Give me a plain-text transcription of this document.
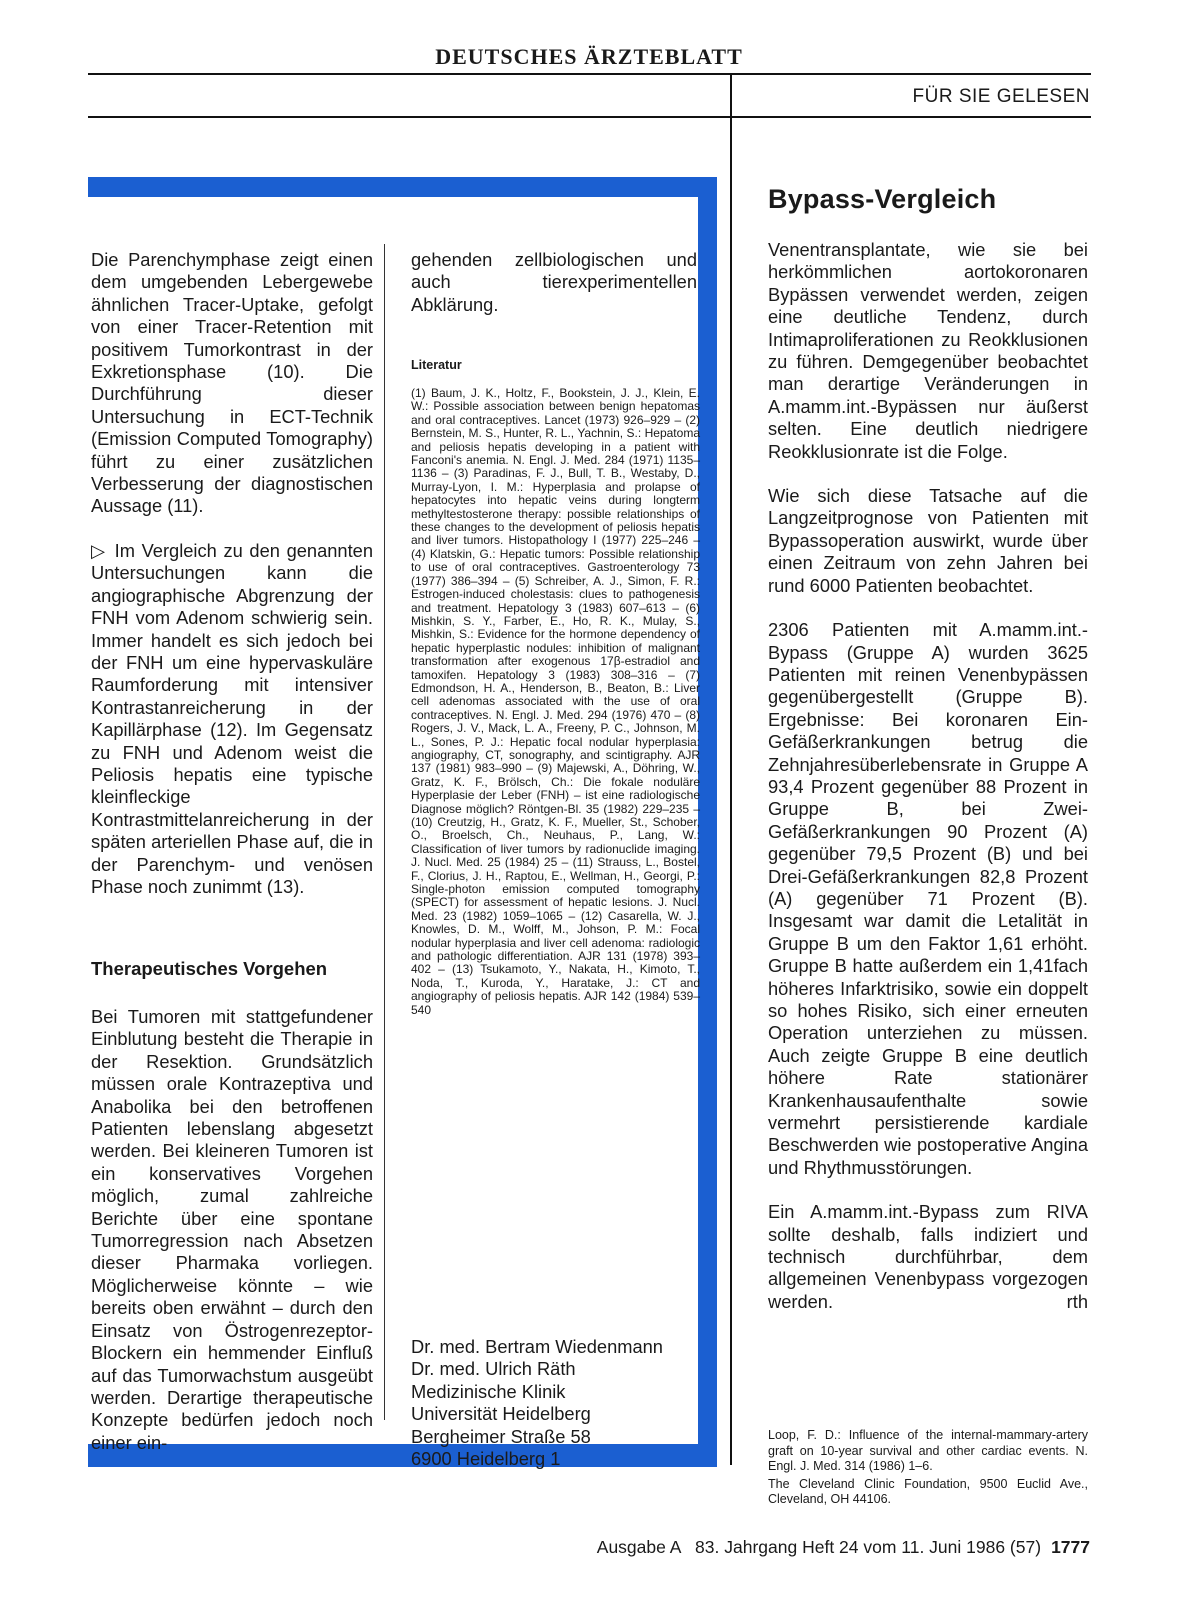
DEUTSCHES ÄRZTEBLATT
FÜR SIE GELESEN

Die Parenchymphase zeigt einen dem umgebenden Lebergewebe ähnlichen Tracer-Uptake, gefolgt von einer Tracer-Retention mit positivem Tumorkontrast in der Exkretionsphase (10). Die Durchführung dieser Untersuchung in ECT-Technik (Emission Computed Tomography) führt zu einer zusätzlichen Verbesserung der diagnostischen Aussage (11).

▷ Im Vergleich zu den genannten Untersuchungen kann die angiographische Abgrenzung der FNH vom Adenom schwierig sein. Immer handelt es sich jedoch bei der FNH um eine hypervaskuläre Raumforderung mit intensiver Kontrastanreicherung in der Kapillärphase (12). Im Gegensatz zu FNH und Adenom weist die Peliosis hepatis eine typische kleinfleckige Kontrastmittelanreicherung in der späten arteriellen Phase auf, die in der Parenchym- und venösen Phase noch zunimmt (13).

Therapeutisches Vorgehen

Bei Tumoren mit stattgefundener Einblutung besteht die Therapie in der Resektion. Grundsätzlich müssen orale Kontrazeptiva und Anabolika bei den betroffenen Patienten lebenslang abgesetzt werden. Bei kleineren Tumoren ist ein konservatives Vorgehen möglich, zumal zahlreiche Berichte über eine spontane Tumorregression nach Absetzen dieser Pharmaka vorliegen. Möglicherweise könnte – wie bereits oben erwähnt – durch den Einsatz von Östrogenrezeptor-Blockern ein hemmender Einfluß auf das Tumorwachstum ausgeübt werden. Derartige therapeutische Konzepte bedürfen jedoch noch einer ein-

gehenden zellbiologischen und auch tierexperimentellen Abklärung.

Literatur
(1) Baum, J. K., Holtz, F., Bookstein, J. J., Klein, E. W.: Possible association between benign hepatomas and oral contraceptives. Lancet (1973) 926–929 – (2) Bernstein, M. S., Hunter, R. L., Yachnin, S.: Hepatoma and peliosis hepatis developing in a patient with Fanconi's anemia. N. Engl. J. Med. 284 (1971) 1135–1136 – (3) Paradinas, F. J., Bull, T. B., Westaby, D., Murray-Lyon, I. M.: Hyperplasia and prolapse of hepatocytes into hepatic veins during longterm methyltestosterone therapy: possible relationships of these changes to the development of peliosis hepatis and liver tumors. Histopathology I (1977) 225–246 – (4) Klatskin, G.: Hepatic tumors: Possible relationship to use of oral contraceptives. Gastroenterology 73 (1977) 386–394 – (5) Schreiber, A. J., Simon, F. R.: Estrogen-induced cholestasis: clues to pathogenesis and treatment. Hepatology 3 (1983) 607–613 – (6) Mishkin, S. Y., Farber, E., Ho, R. K., Mulay, S., Mishkin, S.: Evidence for the hormone dependency of hepatic hyperplastic nodules: inhibition of malignant transformation after exogenous 17β-estradiol and tamoxifen. Hepatology 3 (1983) 308–316 – (7) Edmondson, H. A., Henderson, B., Beaton, B.: Liver cell adenomas associated with the use of oral contraceptives. N. Engl. J. Med. 294 (1976) 470 – (8) Rogers, J. V., Mack, L. A., Freeny, P. C., Johnson, M. L., Sones, P. J.: Hepatic focal nodular hyperplasia: angiography, CT, sonography, and scintigraphy. AJR 137 (1981) 983–990 – (9) Majewski, A., Döhring, W., Gratz, K. F., Brölsch, Ch.: Die fokale noduläre Hyperplasie der Leber (FNH) – ist eine radiologische Diagnose möglich? Röntgen-Bl. 35 (1982) 229–235 – (10) Creutzig, H., Gratz, K. F., Mueller, St., Schober, O., Broelsch, Ch., Neuhaus, P., Lang, W.: Classification of liver tumors by radionuclide imaging. J. Nucl. Med. 25 (1984) 25 – (11) Strauss, L., Bostel, F., Clorius, J. H., Raptou, E., Wellman, H., Georgi, P.: Single-photon emission computed tomography (SPECT) for assessment of hepatic lesions. J. Nucl. Med. 23 (1982) 1059–1065 – (12) Casarella, W. J., Knowles, D. M., Wolff, M., Johson, P. M.: Focal nodular hyperplasia and liver cell adenoma: radiologic and pathologic differentiation. AJR 131 (1978) 393–402 – (13) Tsukamoto, Y., Nakata, H., Kimoto, T., Noda, T., Kuroda, Y., Haratake, J.: CT and angiography of peliosis hepatis. AJR 142 (1984) 539–540
Dr. med. Bertram Wiedenmann
Dr. med. Ulrich Räth
Medizinische Klinik
Universität Heidelberg
Bergheimer Straße 58
6900 Heidelberg 1
Bypass-Vergleich

Venentransplantate, wie sie bei herkömmlichen aortokoronaren Bypässen verwendet werden, zeigen eine deutliche Tendenz, durch Intimaproliferationen zu Reokklusionen zu führen. Demgegenüber beobachtet man derartige Veränderungen in A.mamm.int.-Bypässen nur äußerst selten. Eine deutlich niedrigere Reokklusionrate ist die Folge.

Wie sich diese Tatsache auf die Langzeitprognose von Patienten mit Bypassoperation auswirkt, wurde über einen Zeitraum von zehn Jahren bei rund 6000 Patienten beobachtet.

2306 Patienten mit A.mamm.int.-Bypass (Gruppe A) wurden 3625 Patienten mit reinen Venenbypässen gegenübergestellt (Gruppe B). Ergebnisse: Bei koronaren Ein-Gefäßerkrankungen betrug die Zehnjahresüberlebensrate in Gruppe A 93,4 Prozent gegenüber 88 Prozent in Gruppe B, bei Zwei-Gefäßerkrankungen 90 Prozent (A) gegenüber 79,5 Prozent (B) und bei Drei-Gefäßerkrankungen 82,8 Prozent (A) gegenüber 71 Prozent (B). Insgesamt war damit die Letalität in Gruppe B um den Faktor 1,61 erhöht. Gruppe B hatte außerdem ein 1,41fach höheres Infarktrisiko, sowie ein doppelt so hohes Risiko, sich einer erneuten Operation unterziehen zu müssen. Auch zeigte Gruppe B eine deutlich höhere Rate stationärer Krankenhausaufenthalte sowie vermehrt persistierende kardiale Beschwerden wie postoperative Angina und Rhythmusstörungen.

Ein A.mamm.int.-Bypass zum RIVA sollte deshalb, falls indiziert und technisch durchführbar, dem allgemeinen Venenbypass vorgezogen werden.	rth

Loop, F. D.: Influence of the internal-mammary-artery graft on 10-year survival and other cardiac events. N. Engl. J. Med. 314 (1986) 1–6.
The Cleveland Clinic Foundation, 9500 Euclid Ave., Cleveland, OH 44106.
Ausgabe A   83. Jahrgang Heft 24 vom 11. Juni 1986 (57) 1777
